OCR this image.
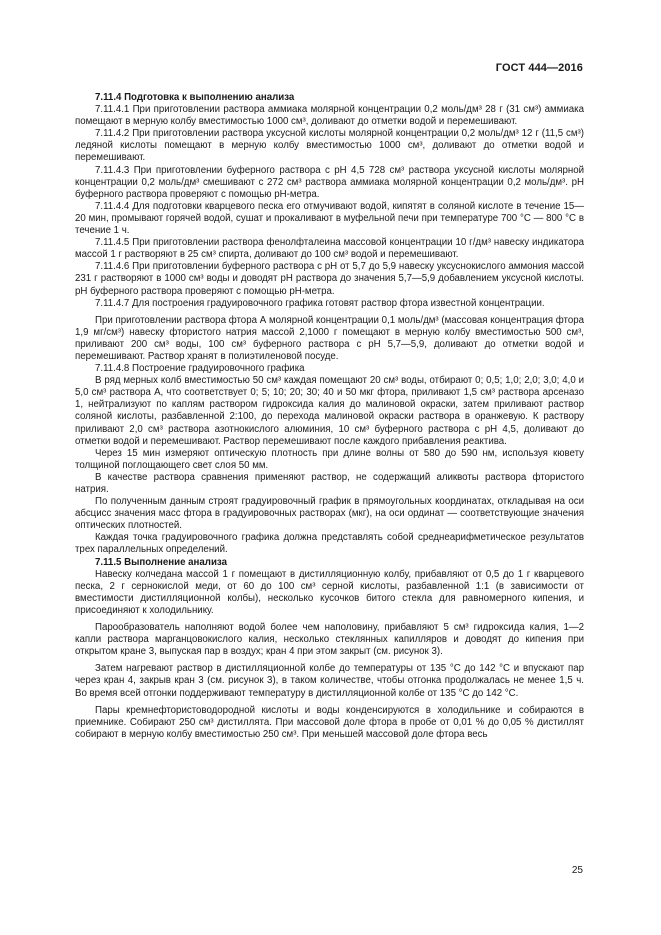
ГОСТ 444—2016

7.11.4 Подготовка к выполнению анализа

7.11.4.1 При приготовлении раствора аммиака молярной концентрации 0,2 моль/дм³ 28 г (31 см³) аммиака помещают в мерную колбу вместимостью 1000 см³, доливают до отметки водой и перемешивают.

7.11.4.2 При приготовлении раствора уксусной кислоты молярной концентрации 0,2 моль/дм³ 12 г (11,5 см³) ледяной кислоты помещают в мерную колбу вместимостью 1000 см³, доливают до отметки водой и перемешивают.

7.11.4.3 При приготовлении буферного раствора с pH 4,5 728 см³ раствора уксусной кислоты молярной концентрации 0,2 моль/дм³ смешивают с 272 см³ раствора аммиака молярной концентрации 0,2 моль/дм³. pH буферного раствора проверяют с помощью pH-метра.

7.11.4.4 Для подготовки кварцевого песка его отмучивают водой, кипятят в соляной кислоте в течение 15—20 мин, промывают горячей водой, сушат и прокаливают в муфельной печи при температуре 700 °С — 800 °С в течение 1 ч.

7.11.4.5 При приготовлении раствора фенолфталеина массовой концентрации 10 г/дм³ навеску индикатора массой 1 г растворяют в 25 см³ спирта, доливают до 100 см³ водой и перемешивают.

7.11.4.6 При приготовлении буферного раствора с pH от 5,7 до 5,9 навеску уксуснокислого аммония массой 231 г растворяют в 1000 см³ воды и доводят pH раствора до значения 5,7—5,9 добавлением уксусной кислоты. pH буферного раствора проверяют с помощью pH-метра.

7.11.4.7 Для построения градуировочного графика готовят раствор фтора известной концентрации.

При приготовлении раствора фтора А молярной концентрации 0,1 моль/дм³ (массовая концентрация фтора 1,9 мг/см³) навеску фтористого натрия массой 2,1000 г помещают в мерную колбу вместимостью 500 см³, приливают 200 см³ воды, 100 см³ буферного раствора с pH 5,7—5,9, доливают до отметки водой и перемешивают. Раствор хранят в полиэтиленовой посуде.

7.11.4.8 Построение градуировочного графика

В ряд мерных колб вместимостью 50 см³ каждая помещают 20 см³ воды, отбирают 0; 0,5; 1,0; 2,0; 3,0; 4,0 и 5,0 см³ раствора А, что соответствует 0; 5; 10; 20; 30; 40 и 50 мкг фтора, приливают 1,5 см³ раствора арсеназо 1, нейтрализуют по каплям раствором гидроксида калия до малиновой окраски, затем приливают раствор соляной кислоты, разбавленной 2:100, до перехода малиновой окраски раствора в оранжевую. К раствору приливают 2,0 см³ раствора азотнокислого алюминия, 10 см³ буферного раствора с pH 4,5, доливают до отметки водой и перемешивают. Раствор перемешивают после каждого прибавления реактива.

Через 15 мин измеряют оптическую плотность при длине волны от 580 до 590 нм, используя кювету толщиной поглощающего свет слоя 50 мм.

В качестве раствора сравнения применяют раствор, не содержащий аликвоты раствора фтористого натрия.

По полученным данным строят градуировочный график в прямоугольных координатах, откладывая на оси абсцисс значения масс фтора в градуировочных растворах (мкг), на оси ординат — соответствующие значения оптических плотностей.

Каждая точка градуировочного графика должна представлять собой среднеарифметическое результатов трех параллельных определений.

7.11.5 Выполнение анализа

Навеску колчедана массой 1 г помещают в дистилляционную колбу, прибавляют от 0,5 до 1 г кварцевого песка, 2 г сернокислой меди, от 60 до 100 см³ серной кислоты, разбавленной 1:1 (в зависимости от вместимости дистилляционной колбы), несколько кусочков битого стекла для равномерного кипения, и присоединяют к холодильнику.

Парообразователь наполняют водой более чем наполовину, прибавляют 5 см³ гидроксида калия, 1—2 капли раствора марганцовокислого калия, несколько стеклянных капилляров и доводят до кипения при открытом кране 3, выпуская пар в воздух; кран 4 при этом закрыт (см. рисунок 3).

Затем нагревают раствор в дистилляционной колбе до температуры от 135 °С до 142 °С и впускают пар через кран 4, закрыв кран 3 (см. рисунок 3), в таком количестве, чтобы отгонка продолжалась не менее 1,5 ч. Во время всей отгонки поддерживают температуру в дистилляционной колбе от 135 °С до 142 °С.

Пары кремнефтористоводородной кислоты и воды конденсируются в холодильнике и собираются в приемнике. Собирают 250 см³ дистиллята. При массовой доле фтора в пробе от 0,01 % до 0,05 % дистиллят собирают в мерную колбу вместимостью 250 см³. При меньшей массовой доле фтора весь

25
